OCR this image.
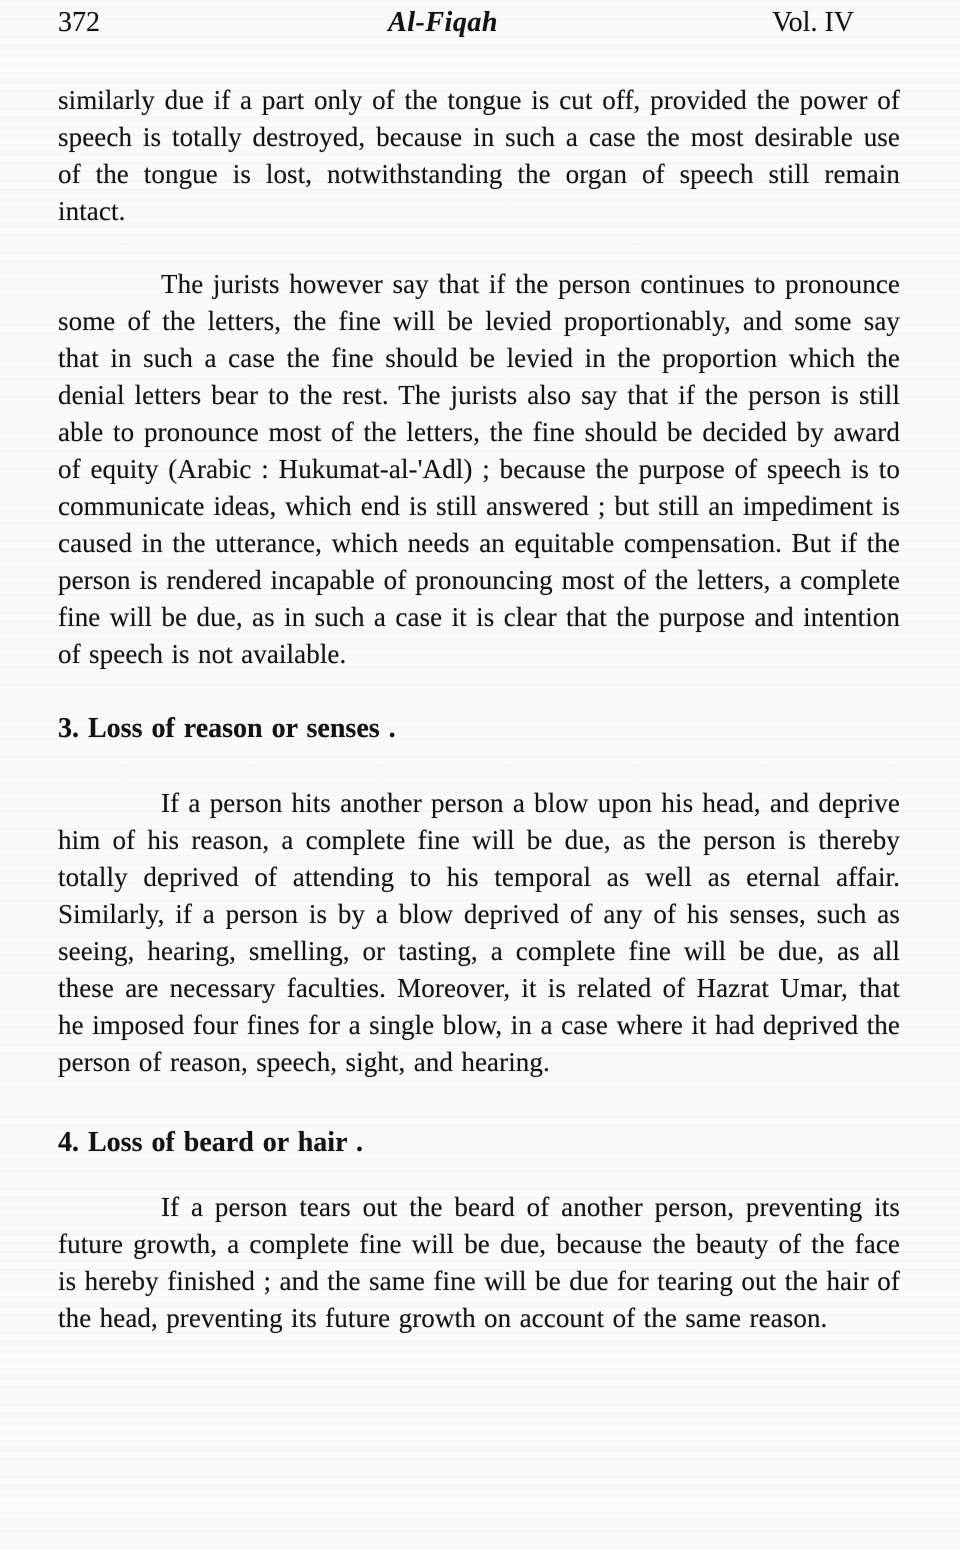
372	Al-Fiqah	Vol. IV

similarly due if a part only of the tongue is cut off, provided the power of speech is totally destroyed, because in such a case the most desirable use of the tongue is lost, notwithstanding the organ of speech still remain intact.

The jurists however say that if the person continues to pronounce some of the letters, the fine will be levied proportionably, and some say that in such a case the fine should be levied in the proportion which the denial letters bear to the rest. The jurists also say that if the person is still able to pronounce most of the letters, the fine should be decided by award of equity (Arabic : Hukumat-al-'Adl) ; because the purpose of speech is to communicate ideas, which end is still answered ; but still an impediment is caused in the utterance, which needs an equitable compensation. But if the person is rendered incapable of pronouncing most of the letters, a complete fine will be due, as in such a case it is clear that the purpose and intention of speech is not available.

3. Loss of reason or senses .

If a person hits another person a blow upon his head, and deprive him of his reason, a complete fine will be due, as the person is thereby totally deprived of attending to his temporal as well as eternal affair. Similarly, if a person is by a blow deprived of any of his senses, such as seeing, hearing, smelling, or tasting, a complete fine will be due, as all these are necessary faculties. Moreover, it is related of Hazrat Umar, that he imposed four fines for a single blow, in a case where it had deprived the person of reason, speech, sight, and hearing.

4. Loss of beard or hair .

If a person tears out the beard of another person, preventing its future growth, a complete fine will be due, because the beauty of the face is hereby finished ; and the same fine will be due for tearing out the hair of the head, preventing its future growth on account of the same reason.
